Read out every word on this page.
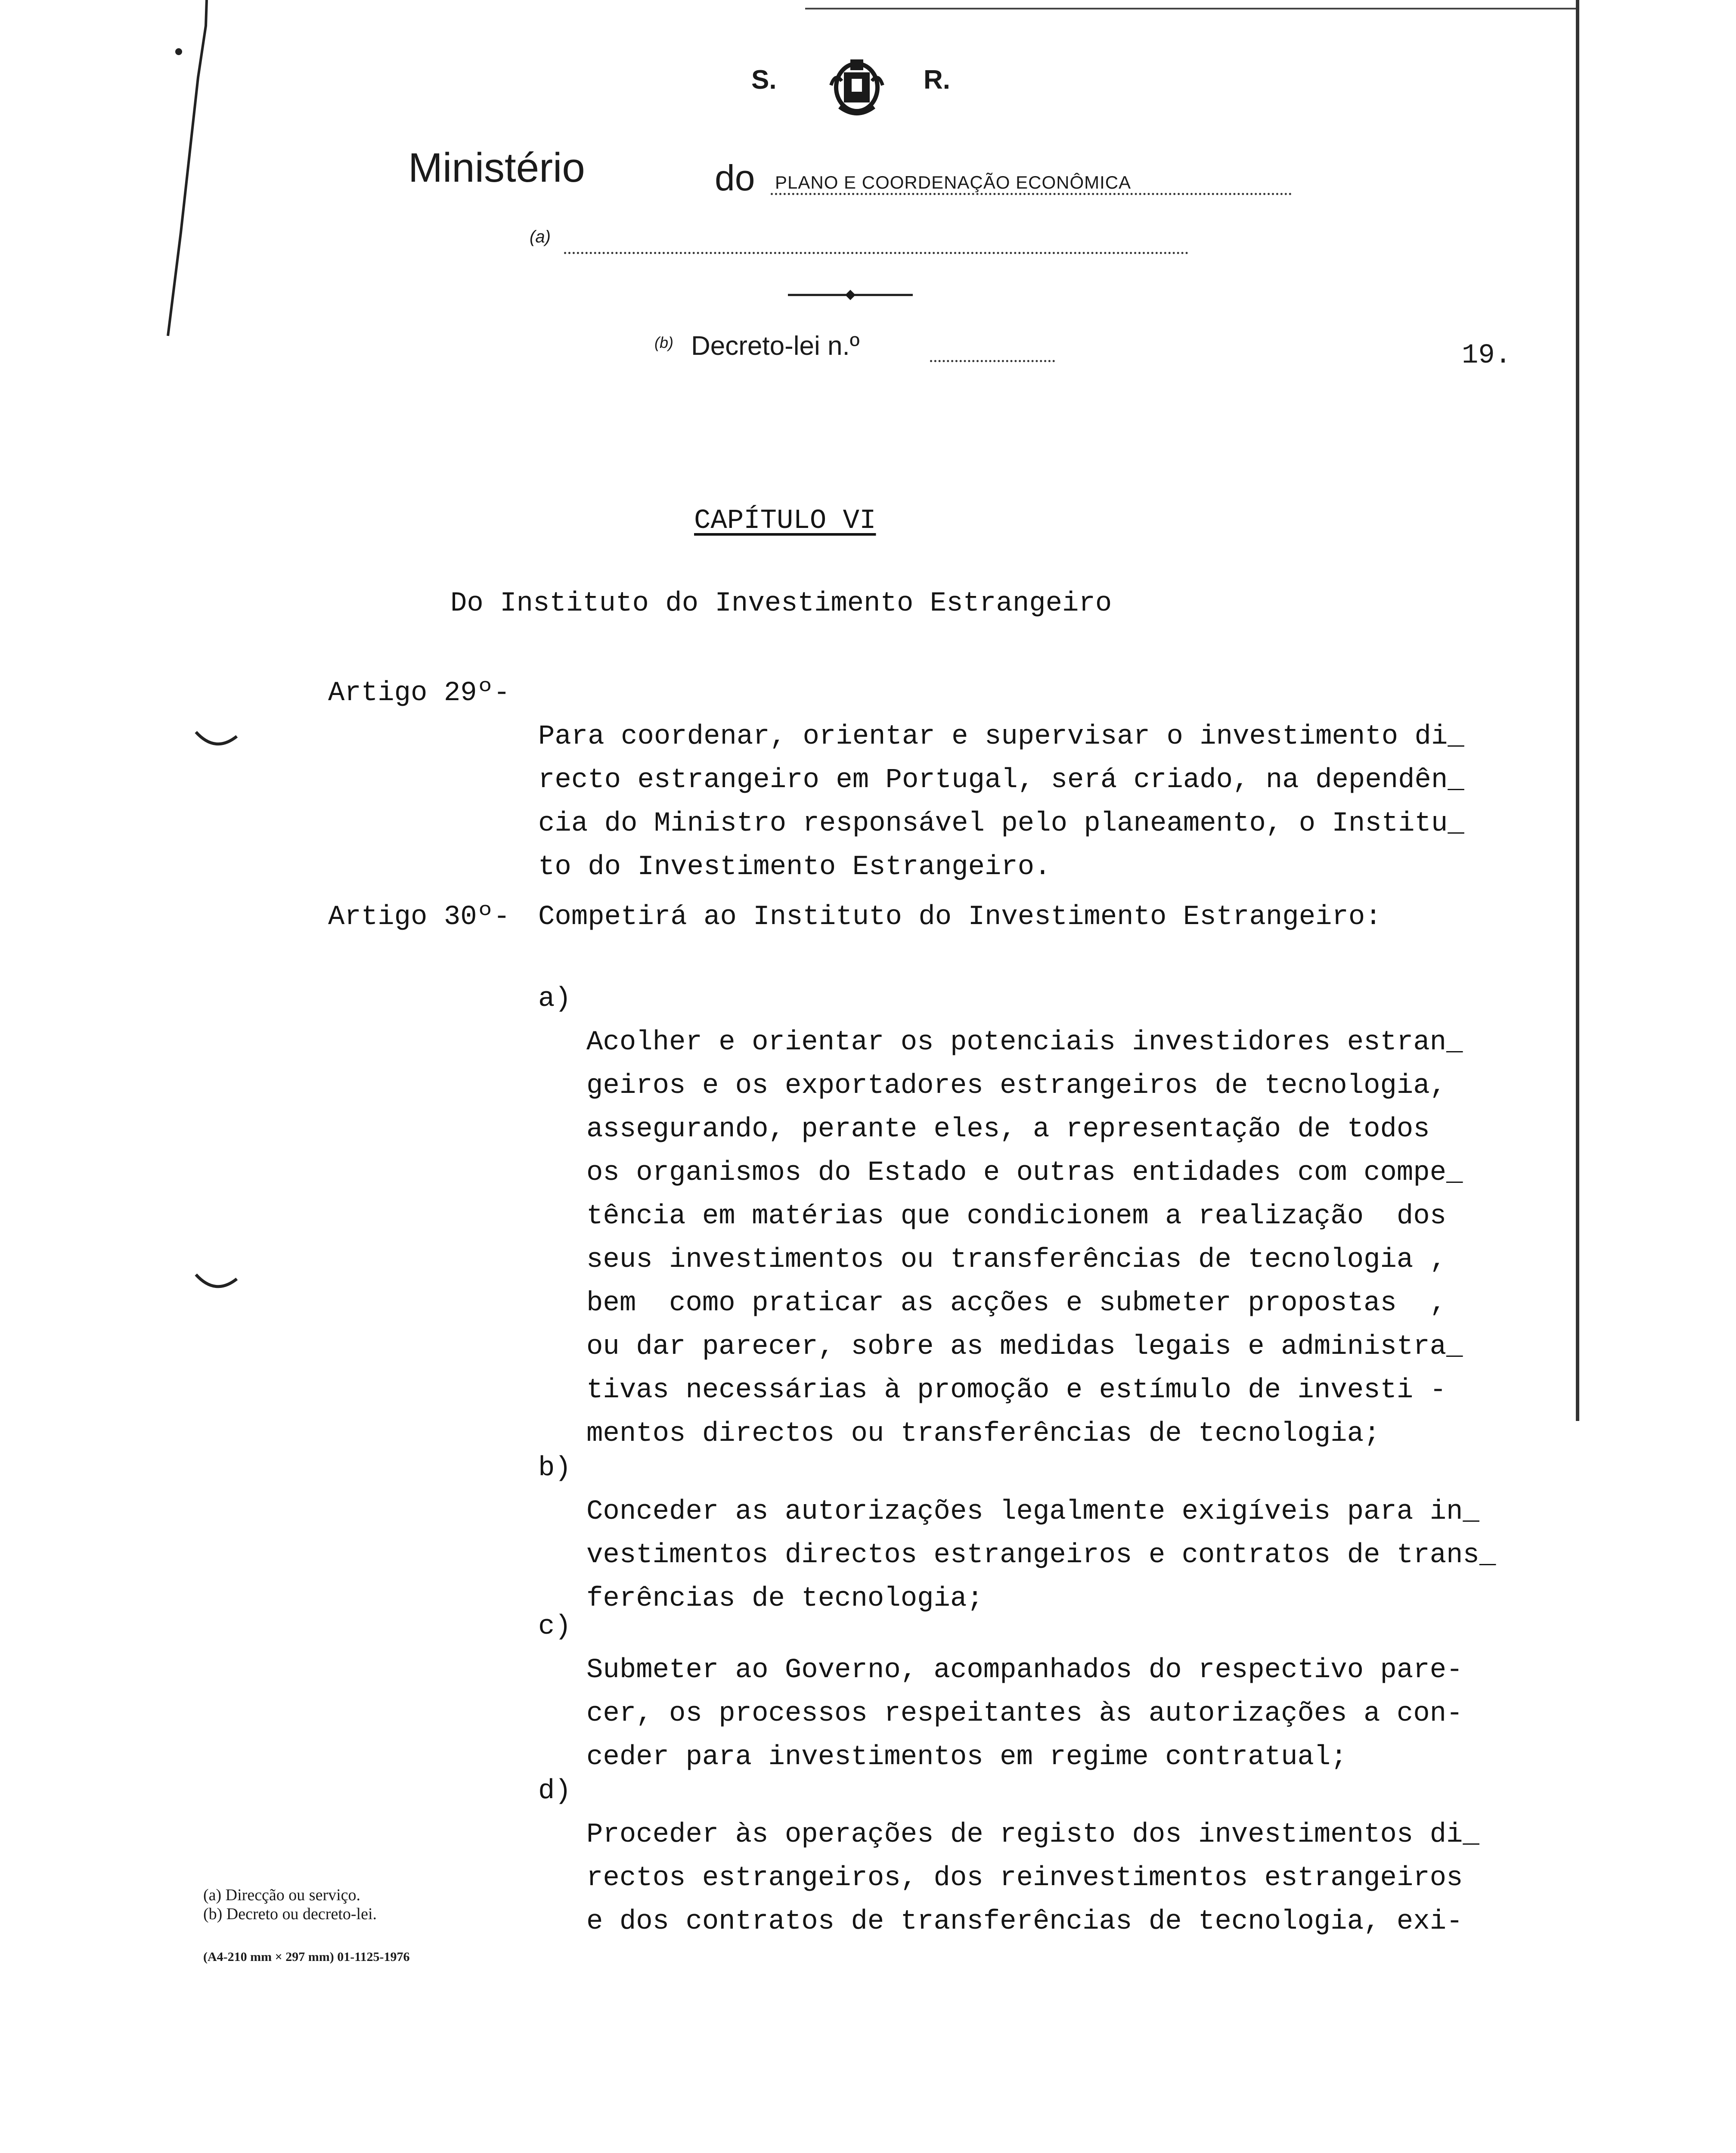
S.	R.
Ministério	do PLANO E COORDENAÇÃO ECONÔMICA
(a)
(b) Decreto-lei n.º	19.
CAPÍTULO VI
Do Instituto do Investimento Estrangeiro
Artigo 29º-

Para coordenar, orientar e supervisar o investimento di_
recto estrangeiro em Portugal, será criado, na dependên_
cia do Ministro responsável pelo planeamento, o Institu_
to do Investimento Estrangeiro.
Artigo 30º- Competirá ao Instituto do Investimento Estrangeiro:
a)

Acolher e orientar os potenciais investidores estran_
geiros e os exportadores estrangeiros de tecnologia,
assegurando, perante eles, a representação de todos
os organismos do Estado e outras entidades com compe_
tência em matérias que condicionem a realização  dos
seus investimentos ou transferências de tecnologia ,
bem  como praticar as acções e submeter propostas  ,
ou dar parecer, sobre as medidas legais e administra_
tivas necessárias à promoção e estímulo de investi -
mentos directos ou transferências de tecnologia;
b)

Conceder as autorizações legalmente exigíveis para in_
vestimentos directos estrangeiros e contratos de trans_
ferências de tecnologia;
c)

Submeter ao Governo, acompanhados do respectivo pare-
cer, os processos respeitantes às autorizações a con-
ceder para investimentos em regime contratual;
d)

Proceder às operações de registo dos investimentos di_
rectos estrangeiros, dos reinvestimentos estrangeiros
e dos contratos de transferências de tecnologia, exi-
(a) Direcção ou serviço.
(b) Decreto ou decreto-lei.
(A4-210 mm × 297 mm) 01-1125-1976
